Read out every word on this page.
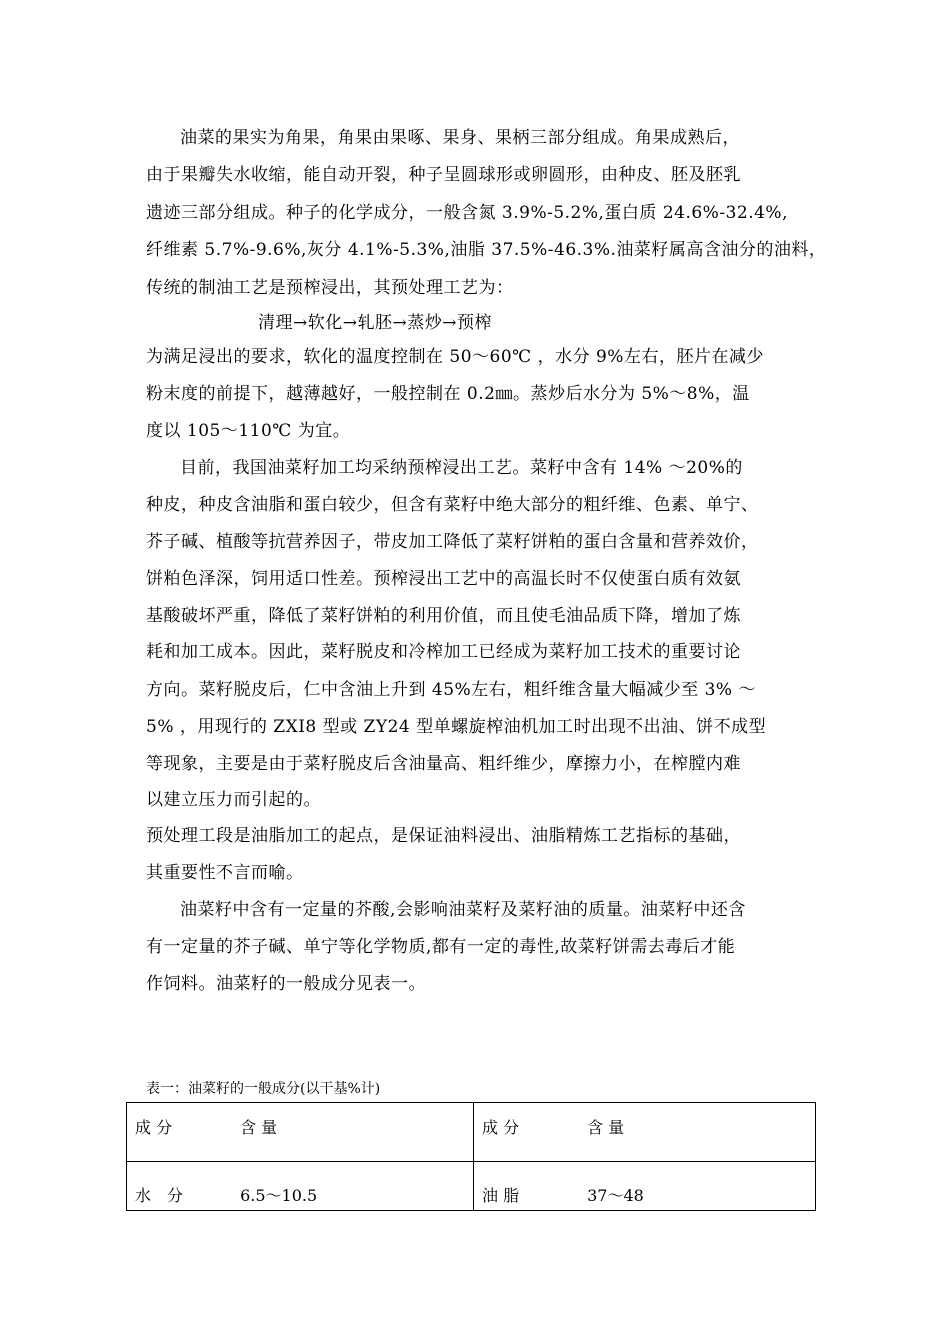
油菜的果实为角果，角果由果啄、果身、果柄三部分组成。角果成熟后，
由于果瓣失水收缩，能自动开裂，种子呈圆球形或卵圆形，由种皮、胚及胚乳
遗迹三部分组成。种子的化学成分，一般含氮 3.9%-5.2%,蛋白质 24.6%-32.4%,
纤维素 5.7%-9.6%,灰分 4.1%-5.3%,油脂 37.5%-46.3%.油菜籽属高含油分的油料，
传统的制油工艺是预榨浸出，其预处理工艺为：
清理→软化→轧胚→蒸炒→预榨
为满足浸出的要求，软化的温度控制在 50～60℃ ，水分 9%左右，胚片在减少
粉末度的前提下，越薄越好，一般控制在 0.2㎜。蒸炒后水分为 5%～8%，温
度以 105～110℃ 为宜。
目前，我国油菜籽加工均采纳预榨浸出工艺。菜籽中含有 14% ～20%的
种皮，种皮含油脂和蛋白较少，但含有菜籽中绝大部分的粗纤维、色素、单宁、
芥子碱、植酸等抗营养因子，带皮加工降低了菜籽饼粕的蛋白含量和营养效价，
饼粕色泽深，饲用适口性差。预榨浸出工艺中的高温长时不仅使蛋白质有效氨
基酸破坏严重，降低了菜籽饼粕的利用价值，而且使毛油品质下降，增加了炼
耗和加工成本。因此，菜籽脱皮和冷榨加工已经成为菜籽加工技术的重要讨论
方向。菜籽脱皮后，仁中含油上升到 45%左右，粗纤维含量大幅减少至 3% ～
5% ，用现行的 ZXI8 型或 ZY24 型单螺旋榨油机加工时出现不出油、饼不成型
等现象，主要是由于菜籽脱皮后含油量高、粗纤维少，摩擦力小，在榨膛内难
以建立压力而引起的。
预处理工段是油脂加工的起点，是保证油料浸出、油脂精炼工艺指标的基础，
其重要性不言而喻。
油菜籽中含有一定量的芥酸,会影响油菜籽及菜籽油的质量。油菜籽中还含
有一定量的芥子碱、单宁等化学物质,都有一定的毒性,故菜籽饼需去毒后才能
作饲料。油菜籽的一般成分见表一。
表一：油菜籽的一般成分(以干基%计)
成 分 含 量	成 分 含 量
水　分 6.5～10.5	油 脂 37～48
